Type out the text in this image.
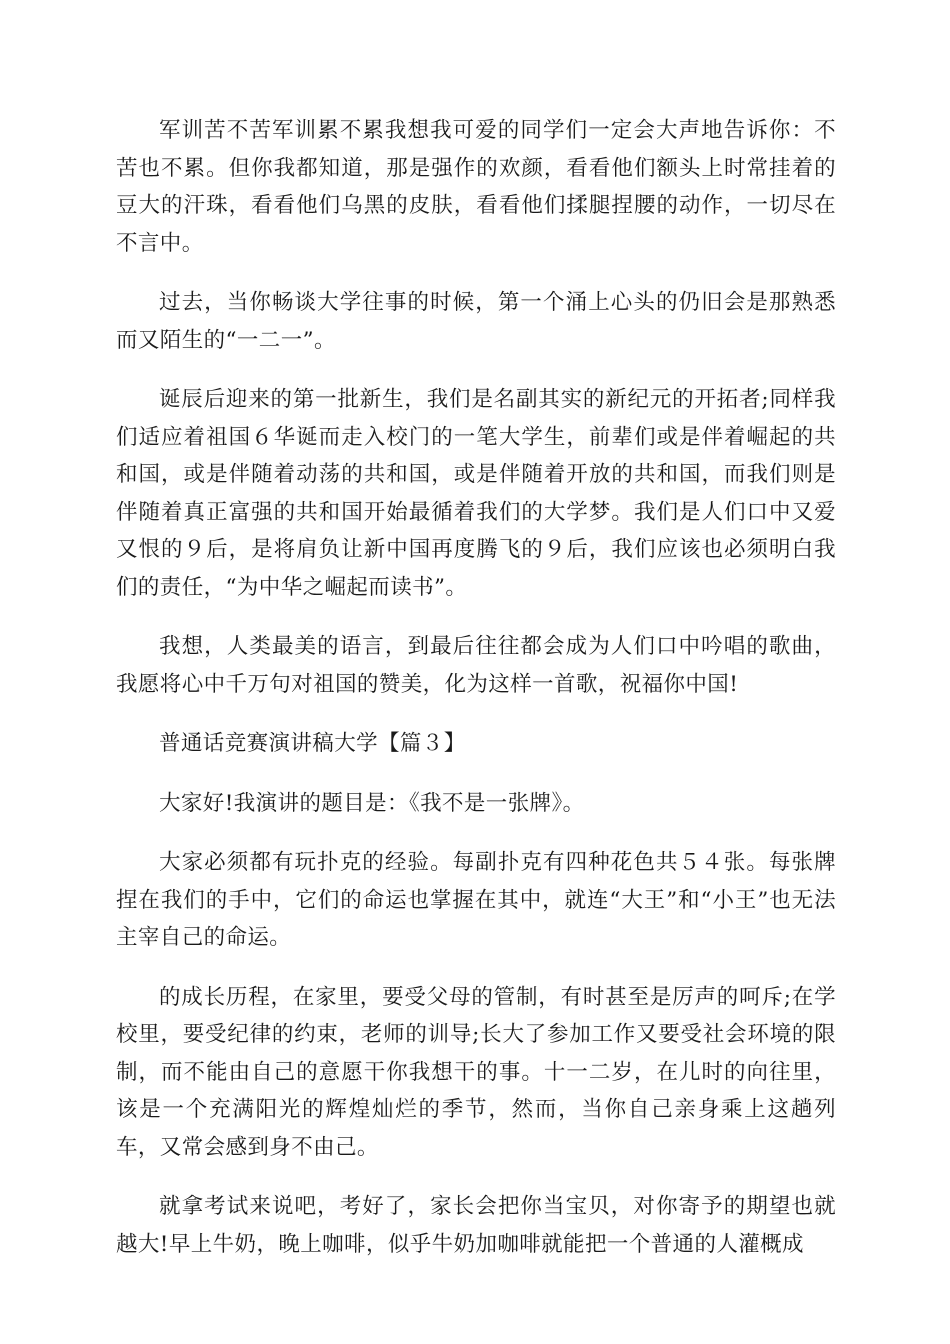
军训苦不苦军训累不累我想我可爱的同学们一定会大声地告诉你：不苦也不累。但你我都知道，那是强作的欢颜，看看他们额头上时常挂着的豆大的汗珠，看看他们乌黑的皮肤，看看他们揉腿捏腰的动作，一切尽在不言中。

过去，当你畅谈大学往事的时候，第一个涌上心头的仍旧会是那熟悉而又陌生的“一二一”。

诞辰后迎来的第一批新生，我们是名副其实的新纪元的开拓者;同样我们适应着祖国６华诞而走入校门的一笔大学生，前辈们或是伴着崛起的共和国，或是伴随着动荡的共和国，或是伴随着开放的共和国，而我们则是伴随着真正富强的共和国开始最循着我们的大学梦。我们是人们口中又爱又恨的９后，是将肩负让新中国再度腾飞的９后，我们应该也必须明白我们的责任，“为中华之崛起而读书”。

我想，人类最美的语言，到最后往往都会成为人们口中吟唱的歌曲，我愿将心中千万句对祖国的赞美，化为这样一首歌，祝福你中国!

普通话竞赛演讲稿大学【篇３】

大家好!我演讲的题目是：《我不是一张牌》。

大家必须都有玩扑克的经验。每副扑克有四种花色共５４张。每张牌捏在我们的手中，它们的命运也掌握在其中，就连“大王”和“小王”也无法主宰自己的命运。

的成长历程，在家里，要受父母的管制，有时甚至是厉声的呵斥;在学校里，要受纪律的约束，老师的训导;长大了参加工作又要受社会环境的限制，而不能由自己的意愿干你我想干的事。十一二岁，在儿时的向往里，该是一个充满阳光的辉煌灿烂的季节，然而，当你自己亲身乘上这趟列车，又常会感到身不由己。

就拿考试来说吧，考好了，家长会把你当宝贝，对你寄予的期望也就越大!早上牛奶，晚上咖啡，似乎牛奶加咖啡就能把一个普通的人灌概成
